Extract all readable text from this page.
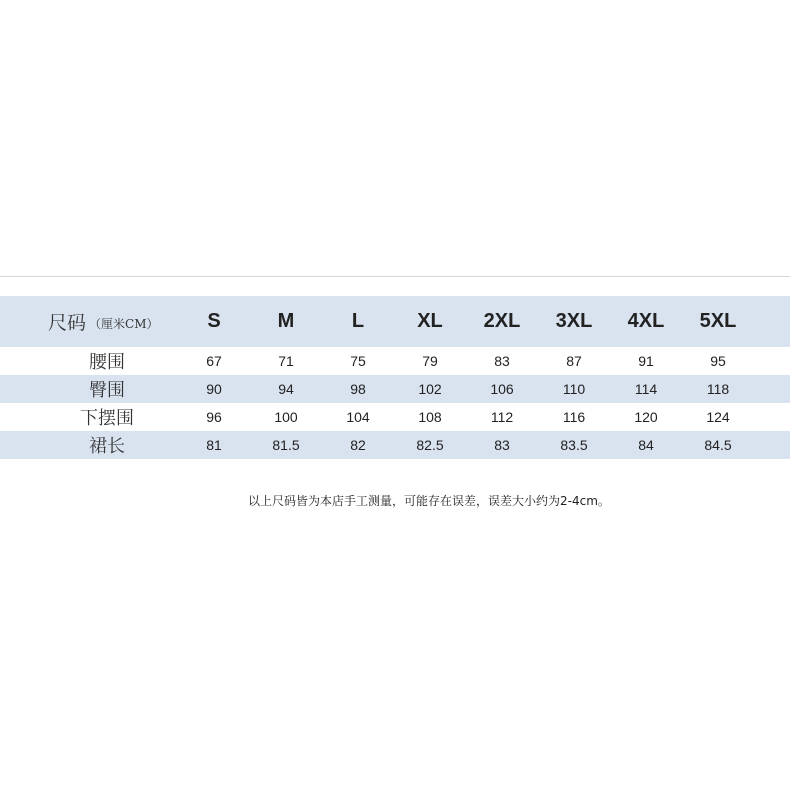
尺码 （厘米CM）	S	M	L	XL	2XL	3XL	4XL	5XL
腰围	67	71	75	79	83	87	91	95
臀围	90	94	98	102	106	110	114	118
下摆围	96	100	104	108	112	116	120	124
裙长	81	81.5	82	82.5	83	83.5	84	84.5
以上尺码皆为本店手工测量，可能存在误差，误差大小约为2-4cm。
